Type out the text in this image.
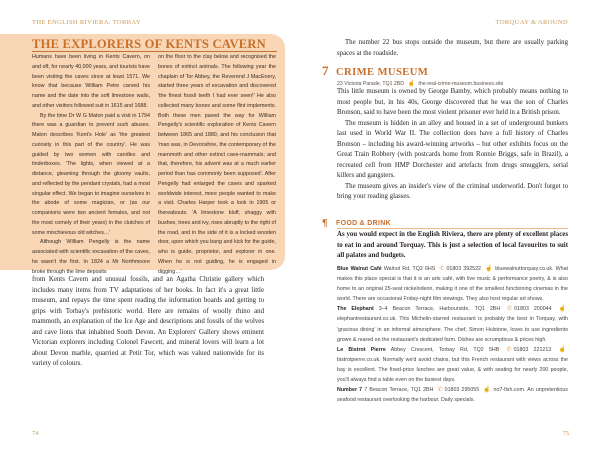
THE ENGLISH RIVIERA: TORBAY
THE EXPLORERS OF KENTS CAVERN

Humans have been living in Kents Cavern, on and off, for nearly 40,000 years, and tourists have been visiting the caves since at least 1571. We know that because William Petre carved his name and the date into the soft limestone walls, and other visitors followed suit in 1615 and 1688.

By the time Dr W G Maton paid a visit in 1794 there was a guardian to prevent such abuses. Maton describes 'Kent's Hole' as 'the greatest curiosity in this part of the country'. He was guided by two women with candles and tinderboxes. 'The lights, when viewed at a distance, gleaming through the gloomy vaults, and reflected by the pendant crystals, had a most singular effect. We began to imagine ourselves in the abode of some magician, or (as our companions were two ancient females, and not the most comely of their years) in the clutches of some mischievous old witches…'

Although William Pengelly is the name associated with scientific excavation of the caves, he wasn't the first. In 1824 a Mr Northmoore broke through the lime deposits

on the floor to the clay below and recognised the bones of extinct animals. The following year the chaplain of Tor Abbey, the Reverend J MacEnery, started three years of excavation and discovered 'the finest fossil teeth I had ever seen!' He also collected many bones and some flint implements. Both these men paved the way for William Pengelly's scientific exploration of Kents Cavern between 1865 and 1880, and his conclusion that 'man was, in Devonshire, the contemporary of the mammoth and other extinct cave-mammals; and that, therefore, his advent was at a much earlier period than has commonly been supposed'. After Pengelly had enlarged the caves and sparked worldwide interest, more people wanted to make a visit. Charles Harper took a look in 1905 or thereabouts. 'A limestone bluff, shaggy with bushes, trees and ivy, rises abruptly to the right of the road, and in the side of it is a locked wooden door, upon which you bang and kick for the guide, who is guide, proprietor, and explorer in one. When he is not guiding, he is engaged in digging…'

from Kents Cavern and unusual fossils, and an Agatha Christie gallery which includes many items from TV adaptations of her books. In fact it's a great little museum, and repays the time spent reading the information boards and getting to grips with Torbay's prehistoric world. Here are remains of woolly rhino and mammoth, an explanation of the Ice Age and descriptions and fossils of the wolves and cave lions that inhabited South Devon. An Explorers' Gallery shows eminent Victorian explorers including Colonel Fawcett, and mineral lovers will learn a lot about Devon marble, quarried at Petit Tor, which was valued nationwide for its variety of colours.

74
TORQUAY & AROUND

The number 22 bus stops outside the museum, but there are usually parking spaces at the roadside.

7 CRIME MUSEUM
23 Victoria Parade, TQ1 2BD ☝ the-real-crime-museum.business.site

This little museum is owned by George Bamby, which probably means nothing to most people but, in his 40s, George discovered that he was the son of Charles Bronson, said to have been the most violent prisoner ever held in a British prison.

The museum is hidden in an alley and housed in a set of underground bunkers last used in World War II. The collection does have a full history of Charles Bronson – including his award-winning artworks – but other exhibits focus on the Great Train Robbery (with postcards home from Ronnie Briggs, safe in Brazil), a recreated cell from HMP Dorchester and artefacts from drugs smugglers, serial killers and gangsters.

The museum gives an insider's view of the criminal underworld. Don't forget to bring your reading glasses.

¶	FOOD & DRINK

As you would expect in the English Riviera, there are plenty of excellent places to eat in and around Torquay. This is just a selection of local favourites to suit all palates and budgets.

Blue Walnut Café Walnut Rd, TQ2 6HS ✆ 01803 392522 ☝ bluewalnuttorquay.co.uk. What makes this place special is that it is an arts café, with live music & performance poetry, & is also home to an original 25-seat nickelodeon, making it one of the smallest functioning cinemas in the world. There are occasional Friday-night film viewings. They also host regular art shows.

The Elephant 3–4 Beacon Terrace, Harbourside, TQ1 2BH ✆ 01803 200044 ☝elephantrestaurant.co.uk. This Michelin-starred restaurant is probably the best in Torquay, with 'gracious dining' in an informal atmosphere. The chef, Simon Hulstone, loves to use ingredients grown & reared on the restaurant's dedicated farm. Dishes are scrumptious & prices high.

Le Bistrot Pierre Abbey Crescent, Torbay Rd, TQ2 5HB ✆ 01803 221213 ☝bistrotpierre.co.uk. Normally we'd avoid chains, but this French restaurant with views across the bay is excellent. The fixed-price lunches are great value, & with seating for nearly 200 people, you'll always find a table even on the busiest days.

Number 7 7 Beacon Terrace, TQ1 2BH ✆ 01803 295055 ☝ no7-fish.com. An unpretentious seafood restaurant overlooking the harbour. Daily specials.

75
